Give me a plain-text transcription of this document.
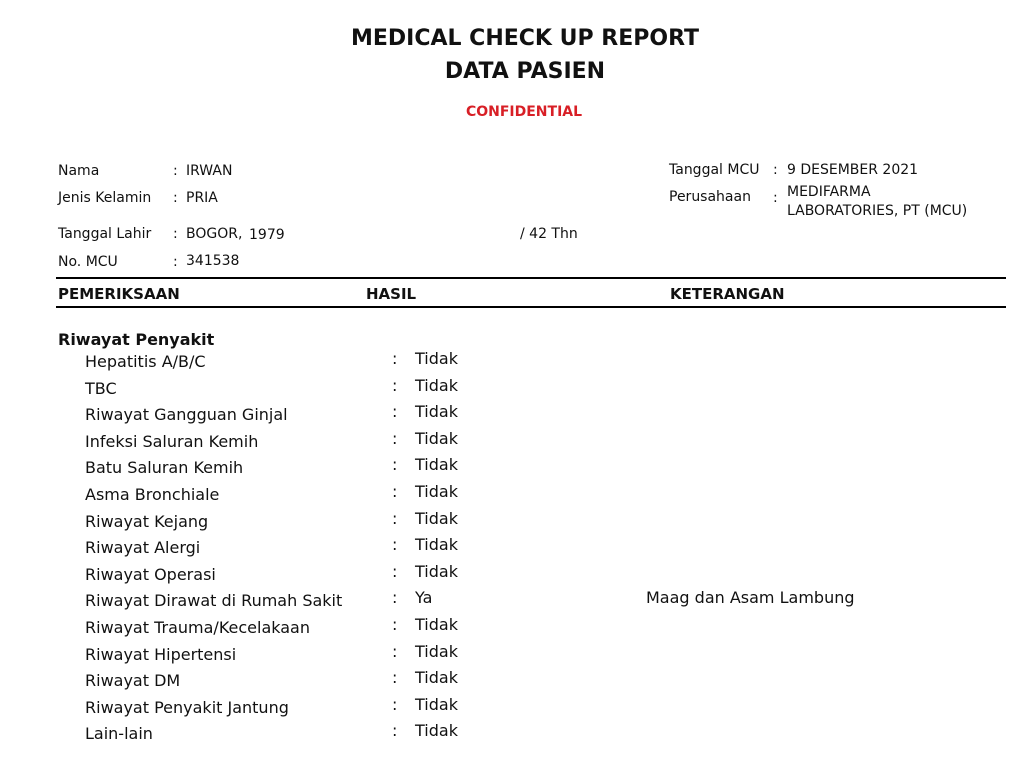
MEDICAL CHECK UP REPORT
DATA PASIEN
CONFIDENTIAL
Nama	: IRWAN
Jenis Kelamin : PRIA
Tanggal Lahir : BOGOR, 1979	/ 42 Thn
No. MCU	: 341538
Tanggal MCU : 9 DESEMBER 2021
Perusahaan : MEDIFARMA
LABORATORIES, PT (MCU)
PEMERIKSAAN	HASIL	KETERANGAN
Riwayat Penyakit
Hepatitis A/B/C	: Tidak
TBC	: Tidak
Riwayat Gangguan Ginjal	: Tidak
Infeksi Saluran Kemih	: Tidak
Batu Saluran Kemih	: Tidak
Asma Bronchiale	: Tidak
Riwayat Kejang	: Tidak
Riwayat Alergi	: Tidak
Riwayat Operasi	: Tidak
Riwayat Dirawat di Rumah Sakit	: Ya	Maag dan Asam Lambung
Riwayat Trauma/Kecelakaan	: Tidak
Riwayat Hipertensi	: Tidak
Riwayat DM	: Tidak
Riwayat Penyakit Jantung	: Tidak
Lain-lain	: Tidak
